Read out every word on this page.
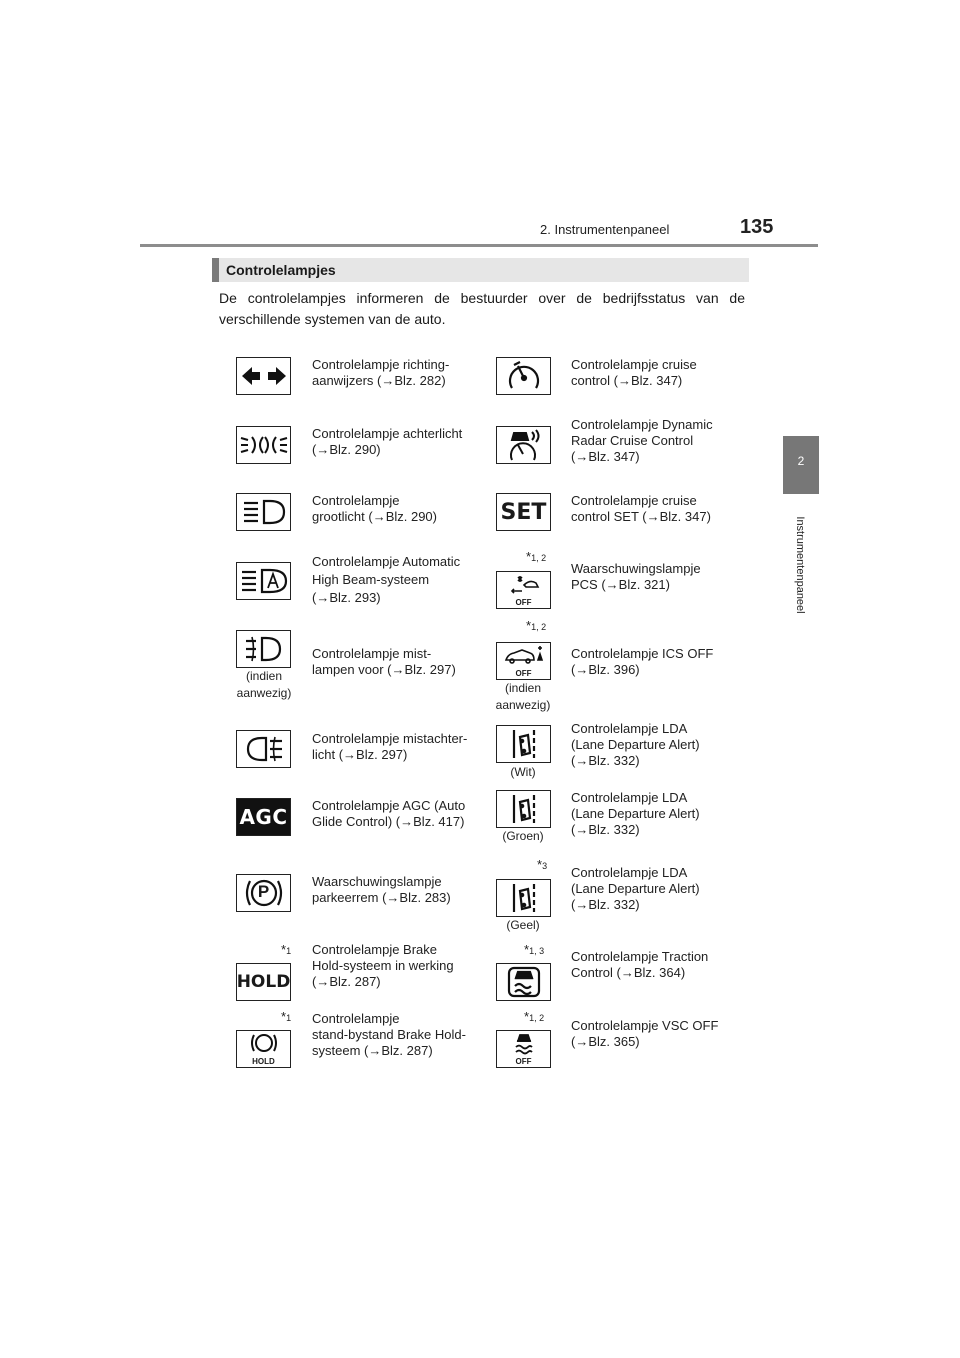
2. Instrumentenpaneel	135
2
Instrumentenpaneel
Controlelampjes
De controlelampjes informeren de bestuurder over de bedrijfsstatus van de verschillende systemen van de auto.
Controlelampje richting-
aanwijzers (→Blz. 282)
Controlelampje achterlicht
(→Blz. 290)
Controlelampje
grootlicht (→Blz. 290)
Controlelampje Automatic
High Beam-systeem
(→Blz. 293)
(indien
aanwezig)
Controlelampje mist-
lampen voor (→Blz. 297)
Controlelampje mistachter-
licht (→Blz. 297)
AGC Controlelampje AGC (Auto
Glide Control) (→Blz. 417)
P
Waarschuwingslampje
parkeerrem (→Blz. 283)
*1
HOLD
Controlelampje Brake
Hold-systeem in werking
(→Blz. 287)
*1
HOLD
Controlelampje
stand-bystand Brake Hold-
systeem (→Blz. 287)
Controlelampje cruise
control (→Blz. 347)
Controlelampje Dynamic
Radar Cruise Control
(→Blz. 347)
SET Controlelampje cruise
control SET (→Blz. 347)
*1, 2
OFF
Waarschuwingslampje
PCS (→Blz. 321)
*1, 2
OFF
(indien
aanwezig)
Controlelampje ICS OFF
(→Blz. 396)
(Wit)
Controlelampje LDA
(Lane Departure Alert)
(→Blz. 332)
(Groen)
Controlelampje LDA
(Lane Departure Alert)
(→Blz. 332)
*3
(Geel)
Controlelampje LDA
(Lane Departure Alert)
(→Blz. 332)
*1, 3 Controlelampje Traction
Control (→Blz. 364)
*1, 2
OFF
Controlelampje VSC OFF
(→Blz. 365)
